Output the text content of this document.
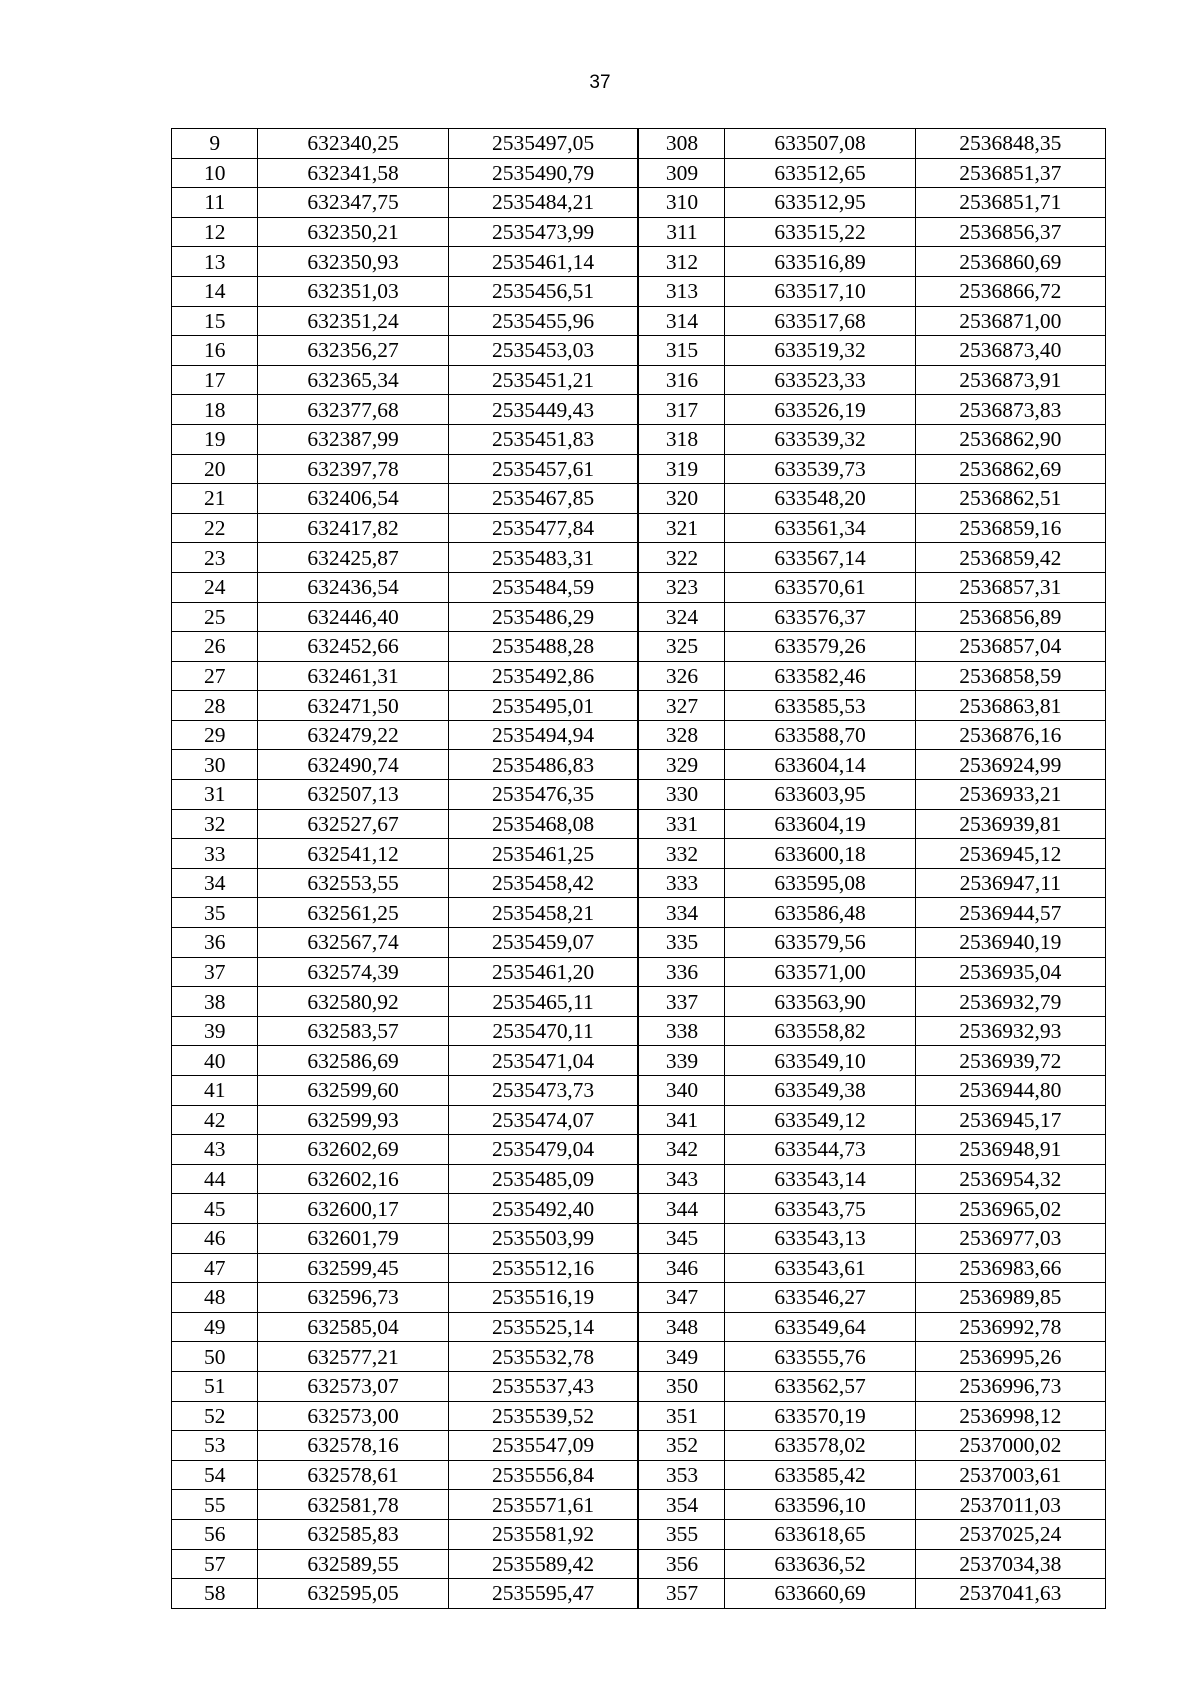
37
9	632340,25	2535497,05	308	633507,08	2536848,35
10	632341,58	2535490,79	309	633512,65	2536851,37
11	632347,75	2535484,21	310	633512,95	2536851,71
12	632350,21	2535473,99	311	633515,22	2536856,37
13	632350,93	2535461,14	312	633516,89	2536860,69
14	632351,03	2535456,51	313	633517,10	2536866,72
15	632351,24	2535455,96	314	633517,68	2536871,00
16	632356,27	2535453,03	315	633519,32	2536873,40
17	632365,34	2535451,21	316	633523,33	2536873,91
18	632377,68	2535449,43	317	633526,19	2536873,83
19	632387,99	2535451,83	318	633539,32	2536862,90
20	632397,78	2535457,61	319	633539,73	2536862,69
21	632406,54	2535467,85	320	633548,20	2536862,51
22	632417,82	2535477,84	321	633561,34	2536859,16
23	632425,87	2535483,31	322	633567,14	2536859,42
24	632436,54	2535484,59	323	633570,61	2536857,31
25	632446,40	2535486,29	324	633576,37	2536856,89
26	632452,66	2535488,28	325	633579,26	2536857,04
27	632461,31	2535492,86	326	633582,46	2536858,59
28	632471,50	2535495,01	327	633585,53	2536863,81
29	632479,22	2535494,94	328	633588,70	2536876,16
30	632490,74	2535486,83	329	633604,14	2536924,99
31	632507,13	2535476,35	330	633603,95	2536933,21
32	632527,67	2535468,08	331	633604,19	2536939,81
33	632541,12	2535461,25	332	633600,18	2536945,12
34	632553,55	2535458,42	333	633595,08	2536947,11
35	632561,25	2535458,21	334	633586,48	2536944,57
36	632567,74	2535459,07	335	633579,56	2536940,19
37	632574,39	2535461,20	336	633571,00	2536935,04
38	632580,92	2535465,11	337	633563,90	2536932,79
39	632583,57	2535470,11	338	633558,82	2536932,93
40	632586,69	2535471,04	339	633549,10	2536939,72
41	632599,60	2535473,73	340	633549,38	2536944,80
42	632599,93	2535474,07	341	633549,12	2536945,17
43	632602,69	2535479,04	342	633544,73	2536948,91
44	632602,16	2535485,09	343	633543,14	2536954,32
45	632600,17	2535492,40	344	633543,75	2536965,02
46	632601,79	2535503,99	345	633543,13	2536977,03
47	632599,45	2535512,16	346	633543,61	2536983,66
48	632596,73	2535516,19	347	633546,27	2536989,85
49	632585,04	2535525,14	348	633549,64	2536992,78
50	632577,21	2535532,78	349	633555,76	2536995,26
51	632573,07	2535537,43	350	633562,57	2536996,73
52	632573,00	2535539,52	351	633570,19	2536998,12
53	632578,16	2535547,09	352	633578,02	2537000,02
54	632578,61	2535556,84	353	633585,42	2537003,61
55	632581,78	2535571,61	354	633596,10	2537011,03
56	632585,83	2535581,92	355	633618,65	2537025,24
57	632589,55	2535589,42	356	633636,52	2537034,38
58	632595,05	2535595,47	357	633660,69	2537041,63
